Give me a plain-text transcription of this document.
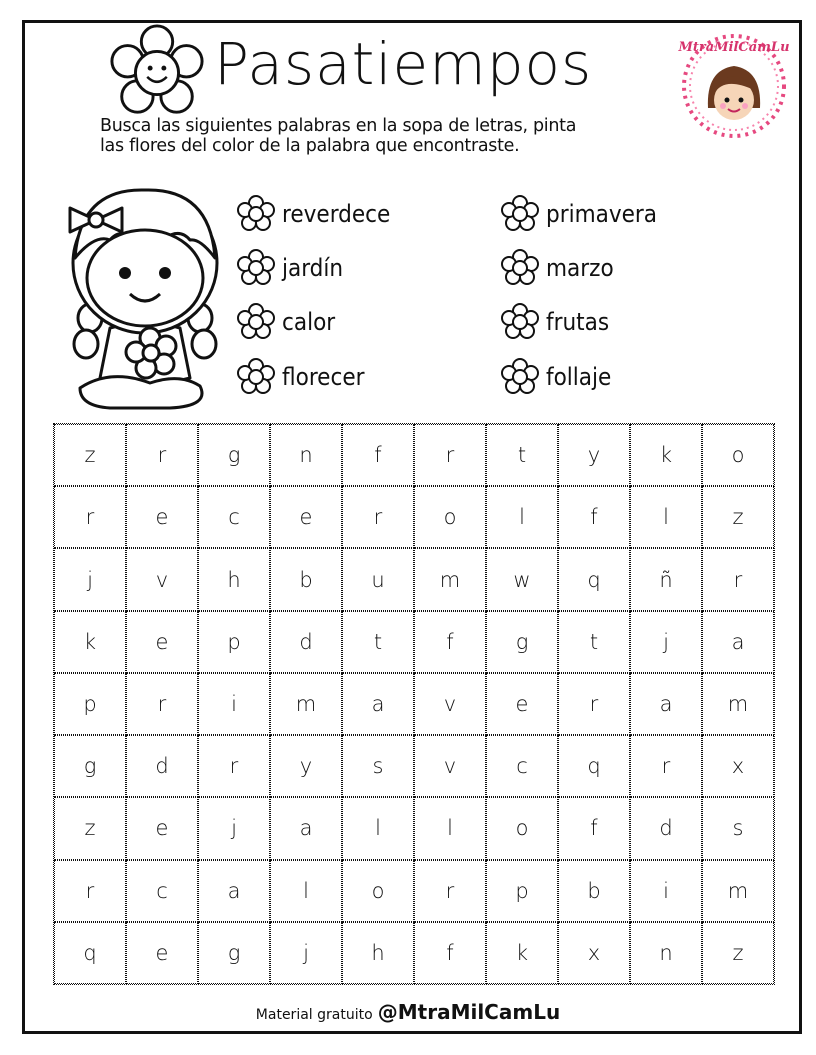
Pasatiempos	MtraMilCamLu
Busca las siguientes palabras en la sopa de letras, pinta
las flores del color de la palabra que encontraste.
reverdece
jardín
calor
florecer
primavera
marzo
frutas
follaje
z	r	g	n	f	r	t	y	k	o
r	e	c	e	r	o	l	f	l	z
j	v	h	b	u	m	w	q	ñ	r
k	e	p	d	t	f	g	t	j	a
p	r	i	m	a	v	e	r	a	m
g	d	r	y	s	v	c	q	r	x
z	e	j	a	l	l	o	f	d	s
r	c	a	l	o	r	p	b	i	m
q	e	g	j	h	f	k	x	n	z
Material gratuito @MtraMilCamLu
